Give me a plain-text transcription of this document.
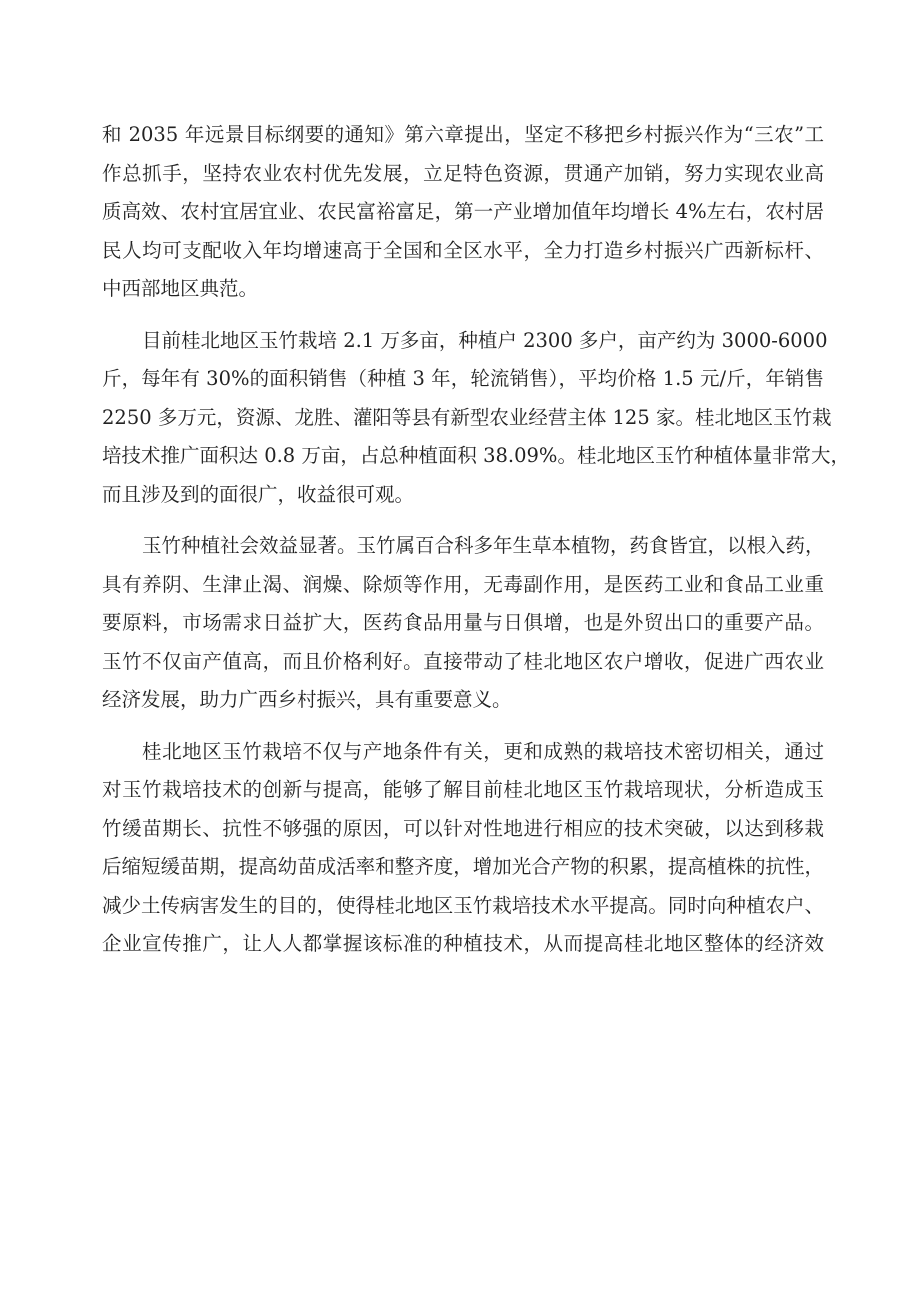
和 2035 年远景目标纲要的通知》第六章提出，坚定不移把乡村振兴作为“三农”工
作总抓手，坚持农业农村优先发展，立足特色资源，贯通产加销，努力实现农业高
质高效、农村宜居宜业、农民富裕富足，第一产业增加值年均增长 4%左右，农村居
民人均可支配收入年均增速高于全国和全区水平，全力打造乡村振兴广西新标杆、
中西部地区典范。

目前桂北地区玉竹栽培 2.1 万多亩，种植户 2300 多户，亩产约为 3000-6000
斤，每年有 30%的面积销售（种植 3 年，轮流销售），平均价格 1.5 元/斤，年销售
2250 多万元，资源、龙胜、灌阳等县有新型农业经营主体 125 家。桂北地区玉竹栽
培技术推广面积达 0.8 万亩，占总种植面积 38.09%。桂北地区玉竹种植体量非常大，
而且涉及到的面很广，收益很可观。

玉竹种植社会效益显著。玉竹属百合科多年生草本植物，药食皆宜，以根入药，
具有养阴、生津止渴、润燥、除烦等作用，无毒副作用，是医药工业和食品工业重
要原料，市场需求日益扩大，医药食品用量与日俱增，也是外贸出口的重要产品。
玉竹不仅亩产值高，而且价格利好。直接带动了桂北地区农户增收，促进广西农业
经济发展，助力广西乡村振兴，具有重要意义。

桂北地区玉竹栽培不仅与产地条件有关，更和成熟的栽培技术密切相关，通过
对玉竹栽培技术的创新与提高，能够了解目前桂北地区玉竹栽培现状，分析造成玉
竹缓苗期长、抗性不够强的原因，可以针对性地进行相应的技术突破，以达到移栽
后缩短缓苗期，提高幼苗成活率和整齐度，增加光合产物的积累，提高植株的抗性，
减少土传病害发生的目的，使得桂北地区玉竹栽培技术水平提高。同时向种植农户、
企业宣传推广，让人人都掌握该标准的种植技术，从而提高桂北地区整体的经济效
